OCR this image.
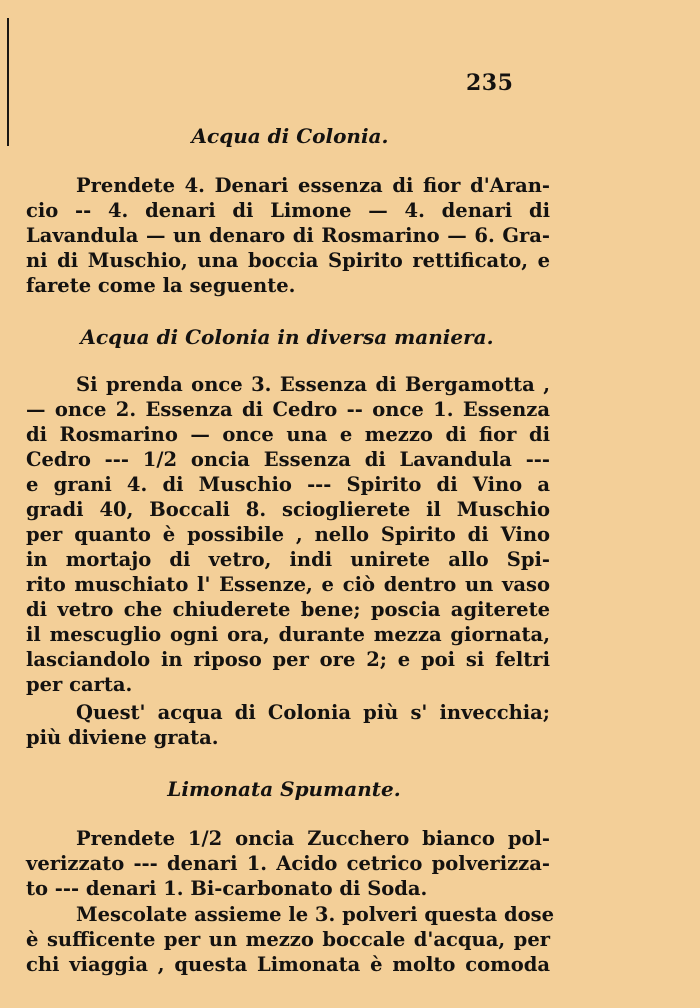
235
Acqua di Colonia.
Prendete 4. Denari essenza di fior d'Aran-
cio -- 4. denari di Limone — 4. denari di
Lavandula — un denaro di Rosmarino — 6. Gra-
ni di Muschio, una boccia Spirito rettificato, e
farete come la seguente.
Acqua di Colonia in diversa maniera.
Si prenda once 3. Essenza di Bergamotta ,
— once 2. Essenza di Cedro -- once 1. Essenza
di Rosmarino — once una e mezzo di fior di
Cedro --- 1/2 oncia Essenza di Lavandula ---
e grani 4. di Muschio --- Spirito di Vino a
gradi 40, Boccali 8. scioglierete il Muschio
per quanto è possibile , nello Spirito di Vino
in mortajo di vetro, indi unirete allo Spi-
rito muschiato l' Essenze, e ciò dentro un vaso
di vetro che chiuderete bene; poscia agiterete
il mescuglio ogni ora, durante mezza giornata,
lasciandolo in riposo per ore 2; e poi si feltri
per carta.
Quest' acqua di Colonia più s' invecchia;
più diviene grata.
Limonata Spumante.
Prendete 1/2 oncia Zucchero bianco pol-
verizzato --- denari 1. Acido cetrico polverizza-
to --- denari 1. Bi-carbonato di Soda.
Mescolate assieme le 3. polveri questa dose
è sufficente per un mezzo boccale d'acqua, per
chi viaggia , questa Limonata è molto comoda
